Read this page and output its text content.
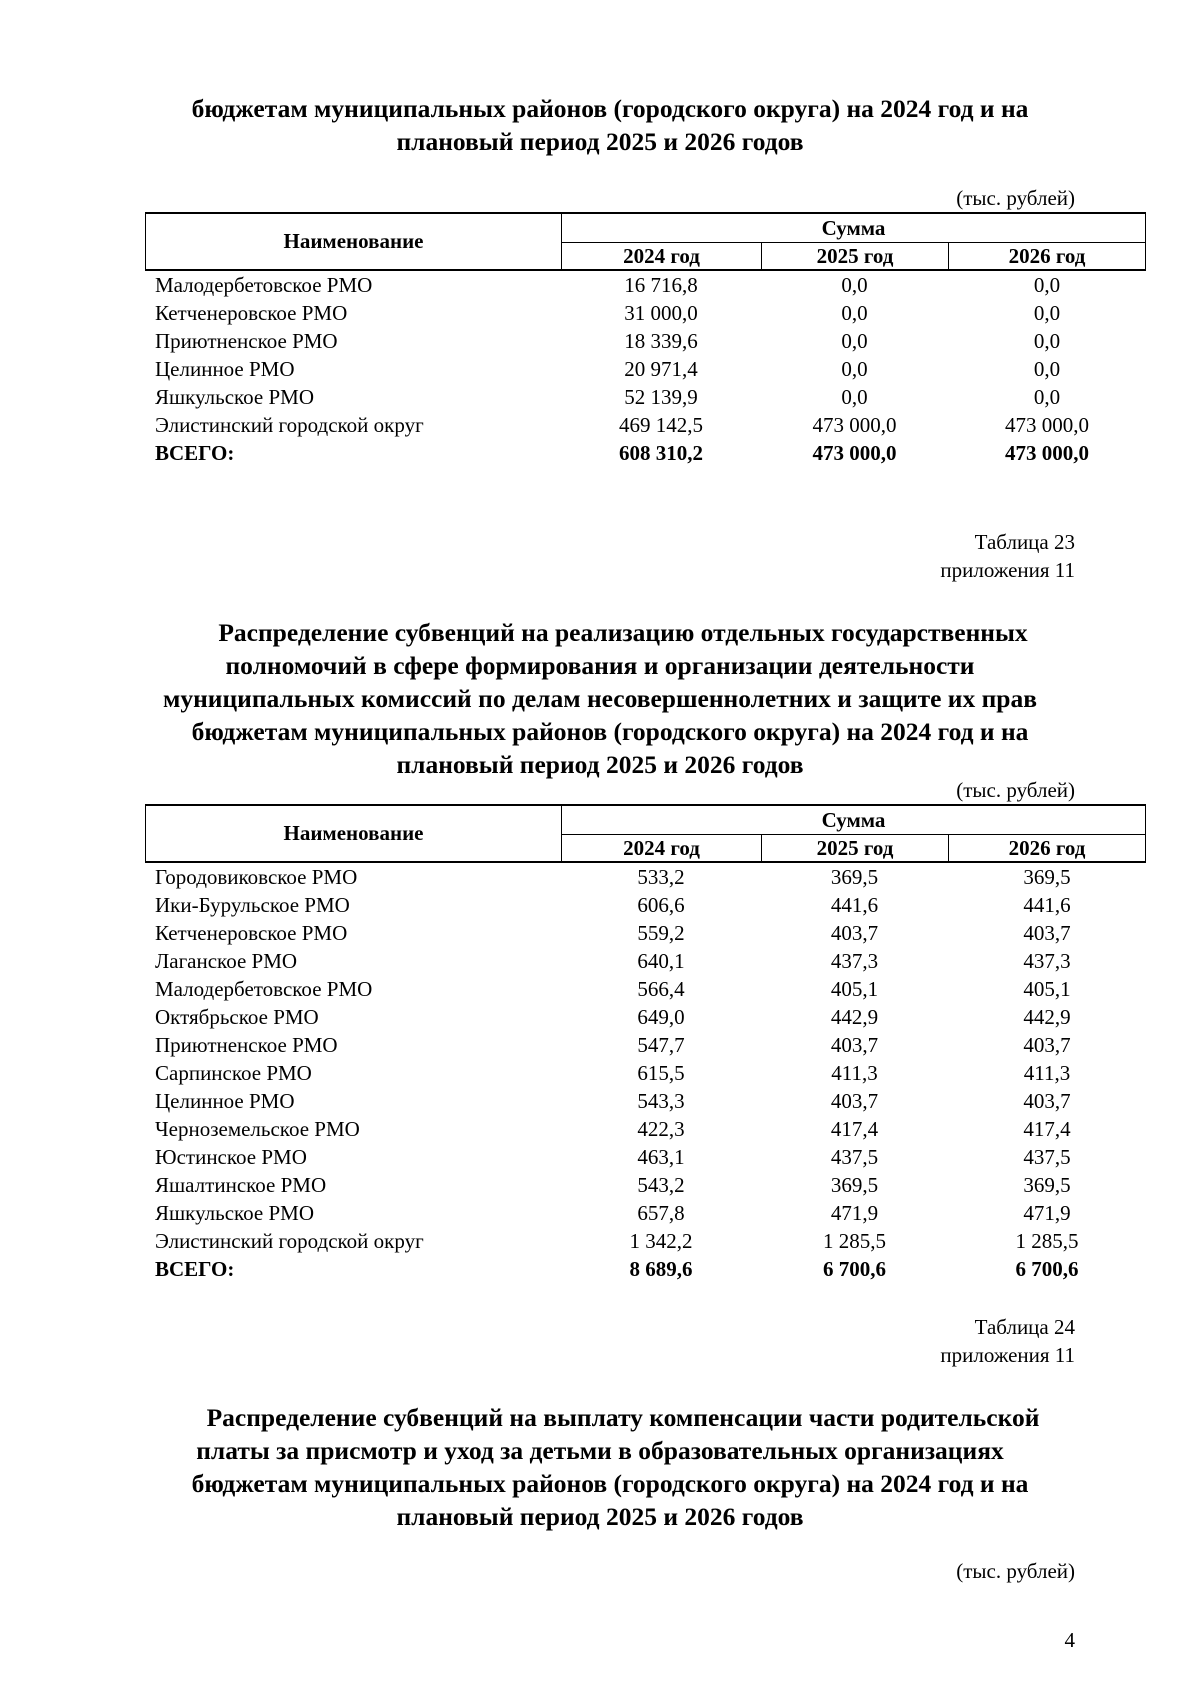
бюджетам муниципальных районов (городского округа) на 2024 год и на
плановый период 2025 и 2026 годов
(тыс. рублей)
Наименование
Сумма
2024 год	2025 год	2026 год
Малодербетовское РМО	16 716,8	0,0	0,0
Кетченеровское РМО	31 000,0	0,0	0,0
Приютненское РМО	18 339,6	0,0	0,0
Целинное РМО	20 971,4	0,0	0,0
Яшкульское РМО	52 139,9	0,0	0,0
Элистинский городской округ	469 142,5	473 000,0	473 000,0
ВСЕГО:	608 310,2	473 000,0	473 000,0
Таблица 23
приложения 11
Распределение субвенций на реализацию отдельных государственных
полномочий в сфере формирования и организации деятельности
муниципальных комиссий по делам несовершеннолетних и защите их прав
бюджетам муниципальных районов (городского округа) на 2024 год и на
плановый период 2025 и 2026 годов
(тыс. рублей)
Наименование
Сумма
2024 год	2025 год	2026 год
Городовиковское РМО	533,2	369,5	369,5
Ики-Бурульское РМО	606,6	441,6	441,6
Кетченеровское РМО	559,2	403,7	403,7
Лаганское РМО	640,1	437,3	437,3
Малодербетовское РМО	566,4	405,1	405,1
Октябрьское РМО	649,0	442,9	442,9
Приютненское РМО	547,7	403,7	403,7
Сарпинское РМО	615,5	411,3	411,3
Целинное РМО	543,3	403,7	403,7
Черноземельское РМО	422,3	417,4	417,4
Юстинское РМО	463,1	437,5	437,5
Яшалтинское РМО	543,2	369,5	369,5
Яшкульское РМО	657,8	471,9	471,9
Элистинский городской округ	1 342,2	1 285,5	1 285,5
ВСЕГО:	8 689,6	6 700,6	6 700,6
Таблица 24
приложения 11
Распределение субвенций на выплату компенсации части родительской
платы за присмотр и уход за детьми в образовательных организациях
бюджетам муниципальных районов (городского округа) на 2024 год и на
плановый период 2025 и 2026 годов
(тыс. рублей)
4
